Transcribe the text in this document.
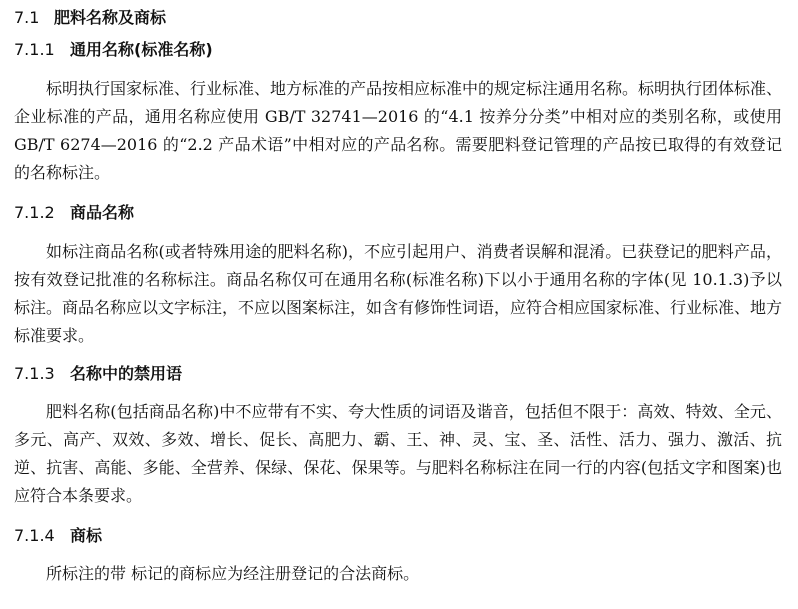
7.1 肥料名称及商标
7.1.1 通用名称(标准名称)

标明执行国家标准、行业标准、地方标准的产品按相应标准中的规定标注通用名称。标明执行团体标准、企业标准的产品，通用名称应使用 GB/T 32741—2016 的“4.1 按养分分类”中相对应的类别名称，或使用 GB/T 6274—2016 的“2.2 产品术语”中相对应的产品名称。需要肥料登记管理的产品按已取得的有效登记的名称标注。

7.1.2 商品名称

如标注商品名称(或者特殊用途的肥料名称)，不应引起用户、消费者误解和混淆。已获登记的肥料产品，按有效登记批准的名称标注。商品名称仅可在通用名称(标准名称)下以小于通用名称的字体(见 10.1.3)予以标注。商品名称应以文字标注，不应以图案标注，如含有修饰性词语，应符合相应国家标准、行业标准、地方标准要求。

7.1.3 名称中的禁用语

肥料名称(包括商品名称)中不应带有不实、夸大性质的词语及谐音，包括但不限于：高效、特效、全元、多元、高产、双效、多效、增长、促长、高肥力、霸、王、神、灵、宝、圣、活性、活力、强力、激活、抗逆、抗害、高能、多能、全营养、保绿、保花、保果等。与肥料名称标注在同一行的内容(包括文字和图案)也应符合本条要求。

7.1.4 商标

所标注的带 标记的商标应为经注册登记的合法商标。
